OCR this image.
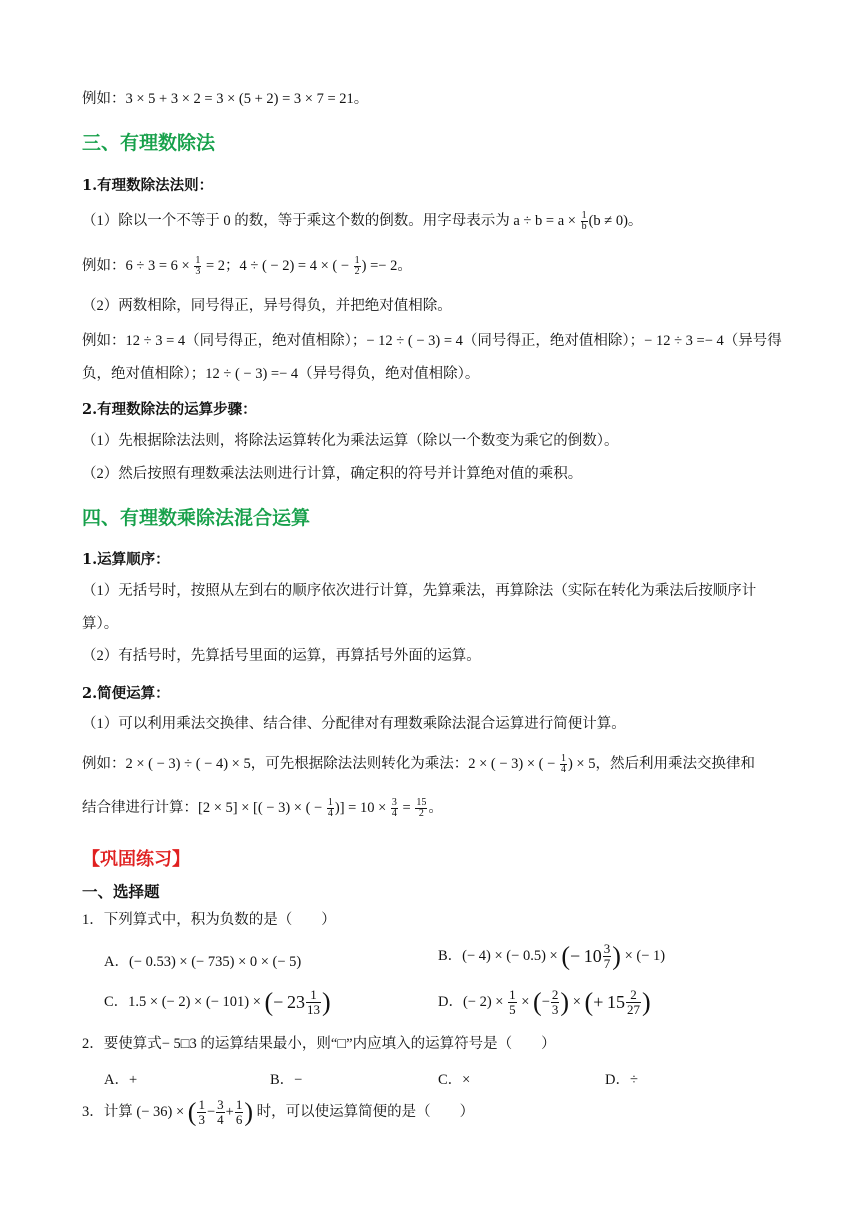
例如：3 × 5 + 3 × 2 = 3 × (5 + 2) = 3 × 7 = 21。
三、有理数除法
1.有理数除法法则：
（1）除以一个不等于 0 的数，等于乘这个数的倒数。用字母表示为 $a \div b = a \times \frac{1}{b} (b \ne 0)$。
例如：$6 \div 3 = 6 \times \frac{1}{3} = 2$；4 ÷ ( − 2) = 4 × ( − $\frac{1}{2}$ ) =− 2。
（2）两数相除，同号得正，异号得负，并把绝对值相除。
例如：12 ÷ 3 = 4（同号得正，绝对值相除）；− 12 ÷ ( − 3) = 4（同号得正，绝对值相除）；− 12 ÷ 3 =− 4（异号得负，绝对值相除）；12 ÷ ( − 3) =− 4（异号得负，绝对值相除）。
2.有理数除法的运算步骤：
（1）先根据除法法则，将除法运算转化为乘法运算（除以一个数变为乘它的倒数）。
（2）然后按照有理数乘法法则进行计算，确定积的符号并计算绝对值的乘积。
四、有理数乘除法混合运算
1.运算顺序：
（1）无括号时，按照从左到右的顺序依次进行计算，先算乘法，再算除法（实际在转化为乘法后按顺序计算）。
（2）有括号时，先算括号里面的运算，再算括号外面的运算。
2.简便运算：
（1）可以利用乘法交换律、结合律、分配律对有理数乘除法混合运算进行简便计算。
例如：2 × ( − 3) ÷ ( − 4) × 5，可先根据除法法则转化为乘法：2 × ( − 3) × ( − $\frac{1}{4}$ ) × 5，然后利用乘法交换律和
结合律进行计算：[2 × 5] × [( − 3) × ( − $\frac{1}{4}$ )] = $10 \times \frac{3}{4} = \frac{15}{2}$ 。
【巩固练习】
一、选择题
1．下列算式中，积为负数的是（　　）
A．(− 0.53) × (− 735) × 0 × (− 5)	B．(− 4) × (− 0.5) × (− $10 \frac{3}{7}$ ) × (− 1)
C．1.5 × (− 2) × (− 101) × (− $23 \frac{1}{13}$ )	D．(− $2) \times \frac{1}{5}$ × (− $\frac{2}{3}$ ) × (+ $15 \frac{2}{27}$ )
2．要使算式− 5□3 的运算结果最小，则“□”内应填入的运算符号是（　　）
A．+	B．−	C．×	D．÷
3．计算 (− 36) × ( $\frac{1}{3} - \frac{3}{4} + \frac{1}{6}$ ) 时，可以使运算简便的是（　　）
